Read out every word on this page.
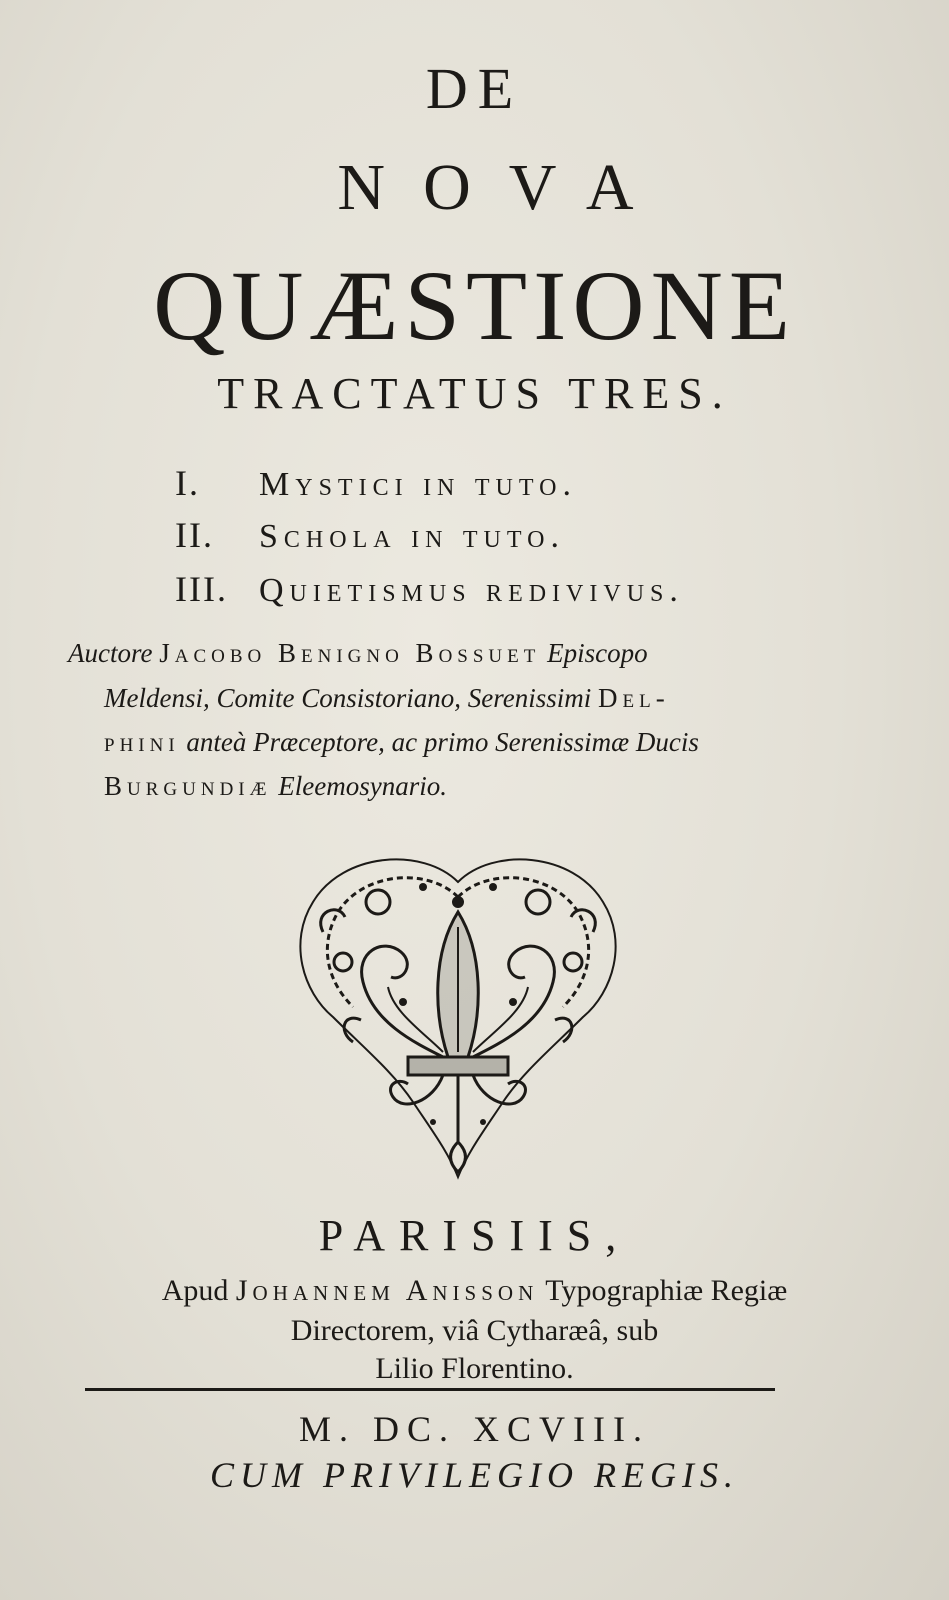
DE
NOVA
QUÆSTIONE
TRACTATUS TRES.
I. Mystici in tuto.
II. Schola in tuto.
III. Quietismus redivivus.
Auctore Jacobo Benigno Bossuet Episcopo
Meldensi, Comite Consistoriano, Serenissimi Del-
phini anteà Præceptore, ac primo Serenissimæ Ducis
Burgundiæ Eleemosynario.
PARISIIS,
Apud Johannem Anisson Typographiæ Regiæ
Directorem, viâ Cytharæâ, sub
Lilio Florentino.
M. DC. XCVIII.
CUM PRIVILEGIO REGIS.
